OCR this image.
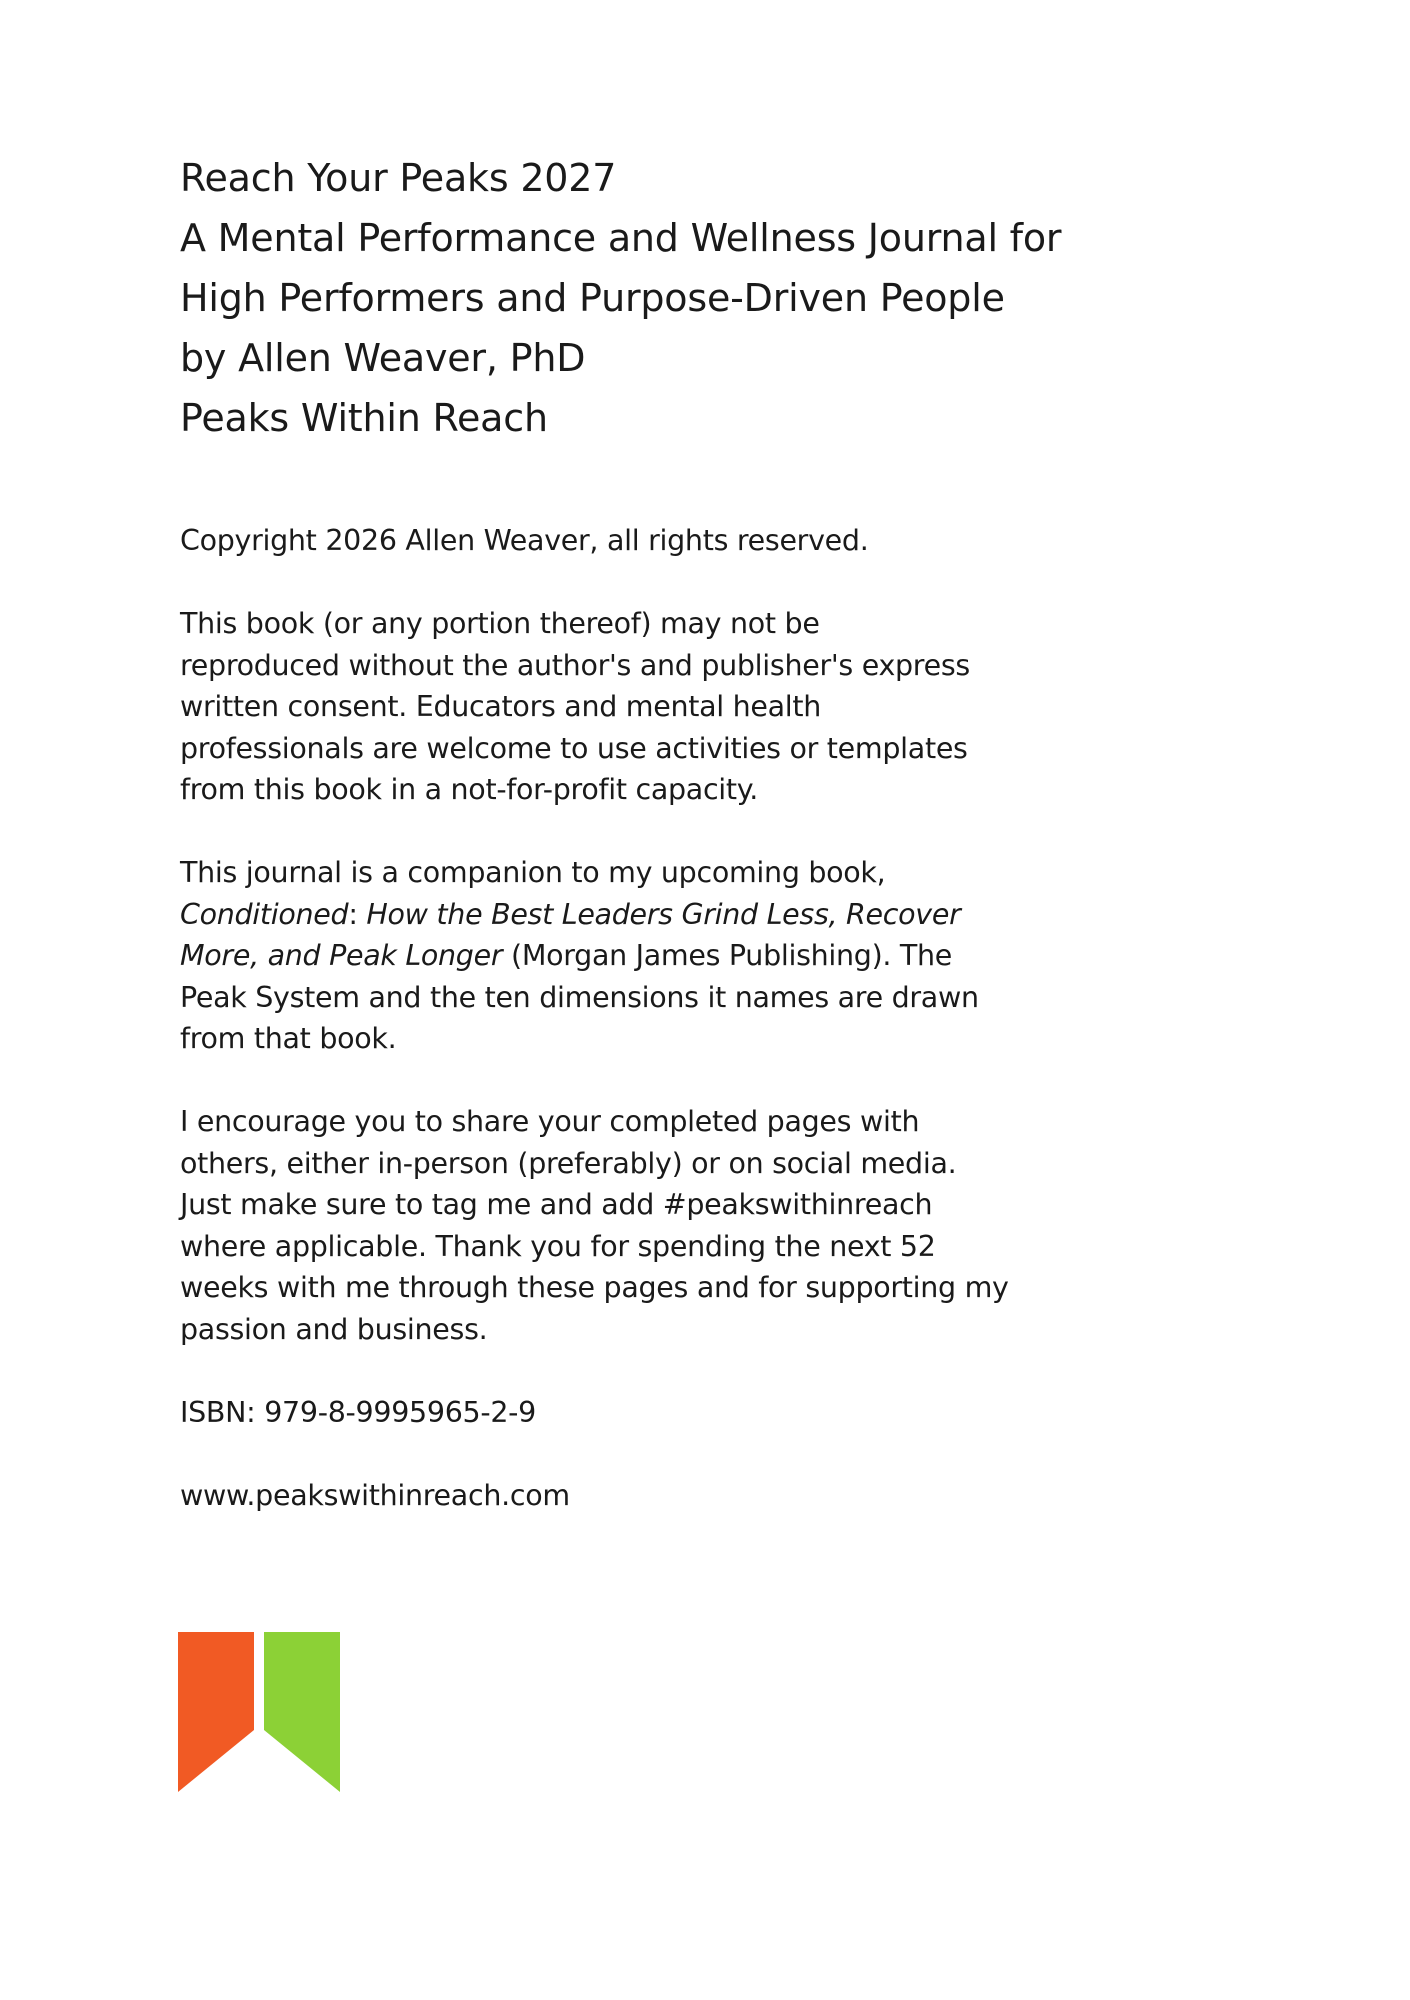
Reach Your Peaks 2027
A Mental Performance and Wellness Journal for
High Performers and Purpose-Driven People
by Allen Weaver, PhD
Peaks Within Reach

Copyright 2026 Allen Weaver, all rights reserved.

This book (or any portion thereof) may not be
reproduced without the author's and publisher's express
written consent. Educators and mental health
professionals are welcome to use activities or templates
from this book in a not-for-profit capacity.

This journal is a companion to my upcoming book,
Conditioned: How the Best Leaders Grind Less, Recover
More, and Peak Longer (Morgan James Publishing). The
Peak System and the ten dimensions it names are drawn
from that book.

I encourage you to share your completed pages with
others, either in-person (preferably) or on social media.
Just make sure to tag me and add #peakswithinreach
where applicable. Thank you for spending the next 52
weeks with me through these pages and for supporting my
passion and business.

ISBN: 979-8-9995965-2-9

www.peakswithinreach.com
